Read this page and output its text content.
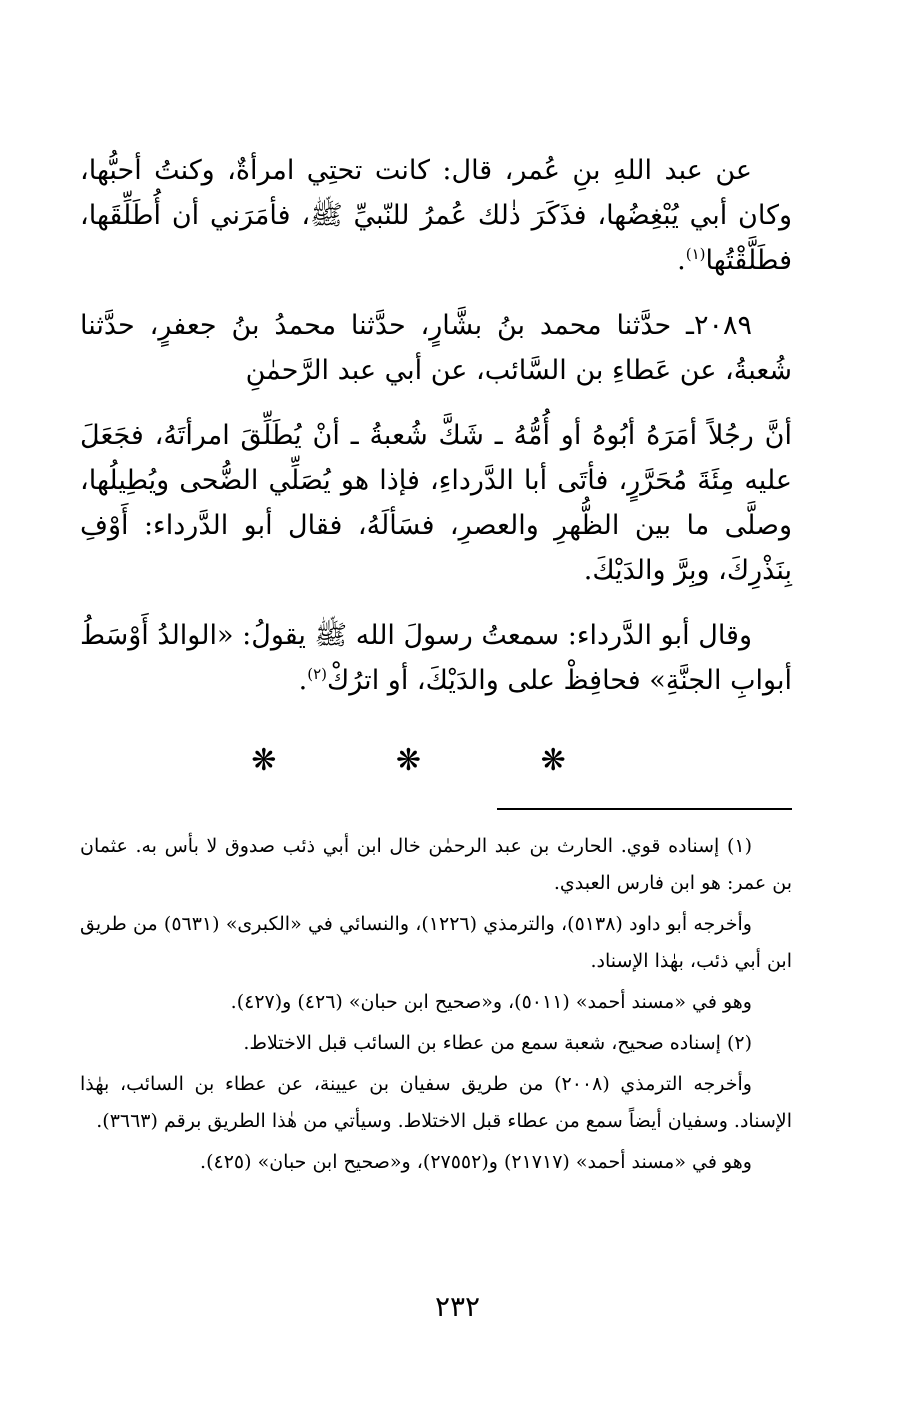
عن عبد اللهِ بنِ عُمر، قال: كانت تحتِي امرأةٌ، وكنتُ أحبُّها، وكان أبي يُبْغِضُها، فذَكَرَ ذٰلك عُمرُ للنّبيِّ ﷺ، فأمَرَني أن أُطَلِّقَها، فطَلَّقْتُها$^{(١)}$.

٢٠٨٩ـ حدَّثنا محمد بنُ بشَّارٍ، حدَّثنا محمدُ بنُ جعفرٍ، حدَّثنا شُعبةُ، عن عَطاءِ بن السَّائب، عن أبي عبد الرَّحمٰنِ

أنَّ رجُلاً أمَرَهُ أبُوهُ أو أُمُّهُ ـ شَكَّ شُعبةُ ـ أنْ يُطَلِّقَ امرأتَهُ، فجَعَلَ عليه مِئَةَ مُحَرَّرٍ، فأتَى أبا الدَّرداءِ، فإذا هو يُصَلِّي الضُّحى ويُطِيلُها، وصلَّى ما بين الظُّهرِ والعصرِ، فسَألَهُ، فقال أبو الدَّرداء: أَوْفِ بِنَذْرِكَ، وبِرَّ والدَيْكَ.

وقال أبو الدَّرداء: سمعتُ رسولَ الله ﷺ يقولُ: «الوالدُ أَوْسَطُ أبوابِ الجنَّةِ» فحافِظْ على والدَيْكَ، أو اترُكْ$^{(٢)}$.

❋ ❋ ❋

(١) إسناده قوي. الحارث بن عبد الرحمٰن خال ابن أبي ذئب صدوق لا بأس به. عثمان بن عمر: هو ابن فارس العبدي.

وأخرجه أبو داود (٥١٣٨)، والترمذي (١٢٢٦)، والنسائي في «الكبرى» (٥٦٣١) من طريق ابن أبي ذئب، بهٰذا الإسناد.

وهو في «مسند أحمد» (٥٠١١)، و«صحيح ابن حبان» (٤٢٦) و(٤٢٧).

(٢) إسناده صحيح، شعبة سمع من عطاء بن السائب قبل الاختلاط.

وأخرجه الترمذي (٢٠٠٨) من طريق سفيان بن عيينة، عن عطاء بن السائب، بهٰذا الإسناد. وسفيان أيضاً سمع من عطاء قبل الاختلاط. وسيأتي من هٰذا الطريق برقم (٣٦٦٣).

وهو في «مسند أحمد» (٢١٧١٧) و(٢٧٥٥٢)، و«صحيح ابن حبان» (٤٢٥).

٢٣٢
